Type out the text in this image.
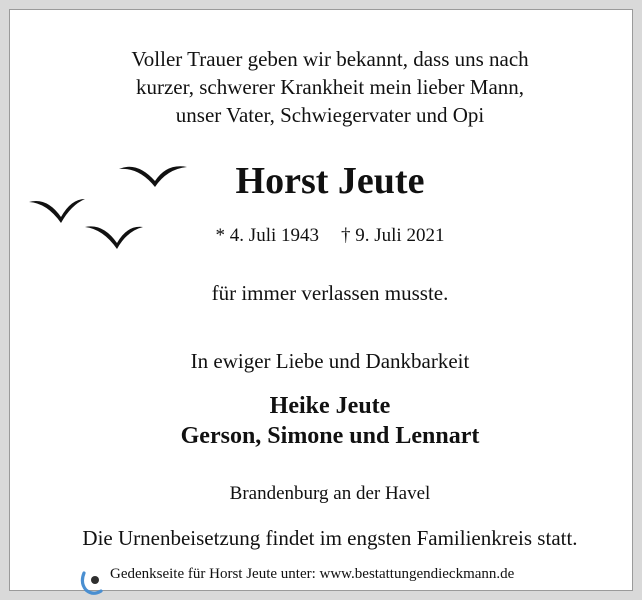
Voller Trauer geben wir bekannt, dass uns nach
kurzer, schwerer Krankheit mein lieber Mann,
unser Vater, Schwiegervater und Opi
Horst Jeute
* 4. Juli 1943 † 9. Juli 2021
für immer verlassen musste.
In ewiger Liebe und Dankbarkeit
Heike Jeute
Gerson, Simone und Lennart
Brandenburg an der Havel
Die Urnenbeisetzung findet im engsten Familienkreis statt.
Gedenkseite für Horst Jeute unter: www.bestattungendieckmann.de
